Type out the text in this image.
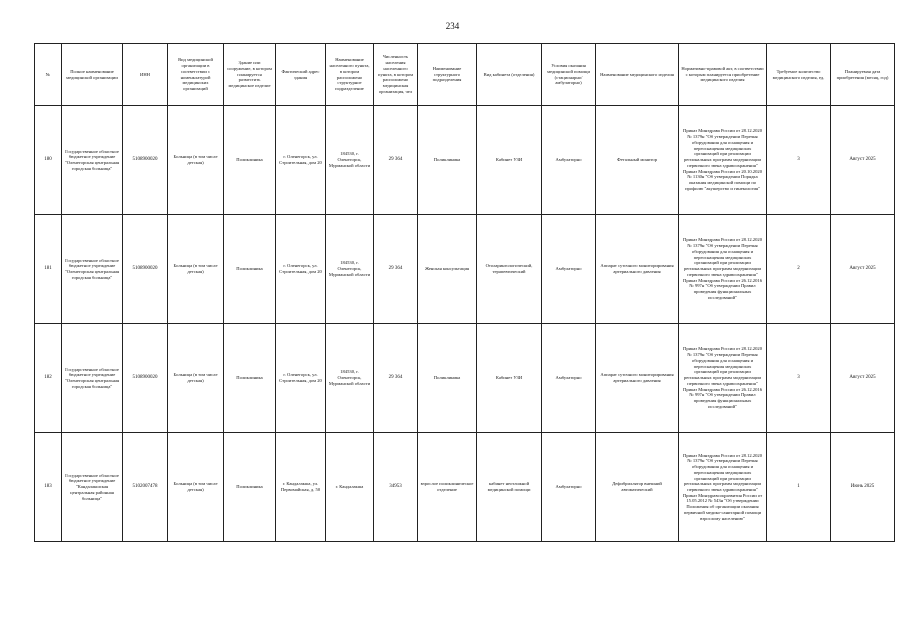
234
№	Полное наименование медицинской организации	ИНН	Вид медицинской организации в соответствии с номенклатурой медицинских организаций	Здание или сооружение, в котором планируется разместить медицинское изделие	Фактический адрес здания	Наименование населенного пункта, в котором расположено структурное подразделение	Численность населения населенного пункта, в котором расположено медицинская организация, чел	Наименование структурного подразделения	Вид кабинета (отделения)	Условия оказания медицинской помощи (стационарно/амбулаторно)	Наименование медицинского изделия	Нормативно-правовой акт, в соответствии с которым планируется приобретение медицинского изделия	Требуемое количество медицинского изделия, ед.	Планируемая дата приобретения (месяц, год)
180	Государственное областное бюджетное учреждение "Оленегорская центральная городская больница"	5108900020	Больница (в том числе детская)	Поликлиника	г. Оленегорск, ул. Строительная, дом 20	184530, г. Оленегорск, Мурманской области	29 364	Поликлиника	Кабинет УЗИ	Амбулаторно	Фетальный монитор	Приказ Минздрава России от 28.12.2020 № 1379н "Об утверждении Перечня оборудования для оснащения и переоснащения медицинских организаций при реализации региональных программ модернизации первичного звена здравоохранения" Приказ Минздрава России от 20.10.2020 № 1130н "Об утверждении Порядка оказания медицинской помощи по профилю "акушерство и гинекология"	3	Август 2025
181	Государственное областное бюджетное учреждение "Оленегорская центральная городская больница"	5108900020	Больница (в том числе детская)	Поликлиника	г. Оленегорск, ул. Строительная, дом 20	184530, г. Оленегорск, Мурманской области	29 364	Женская консультация	Отоларингологический, терапевтический	Амбулаторно	Аппарат суточного мониторирования артериального давления	Приказ Минздрава России от 28.12.2020 № 1379н "Об утверждении Перечня оборудования для оснащения и переоснащения медицинских организаций при реализации региональных программ модернизации первичного звена здравоохранения" Приказ Минздрава России от 26.12.2016 № 997н "Об утверждении Правил проведения функциональных исследований"	2	Август 2025
182	Государственное областное бюджетное учреждение "Оленегорская центральная городская больница"	5108900020	Больница (в том числе детская)	Поликлиника	г. Оленегорск, ул. Строительная, дом 20	184530, г. Оленегорск, Мурманской области	29 364	Поликлиника	Кабинет УЗИ	Амбулаторно	Аппарат суточного мониторирования артериального давления	Приказ Минздрава России от 28.12.2020 № 1379н "Об утверждении Перечня оборудования для оснащения и переоснащения медицинских организаций при реализации региональных программ модернизации первичного звена здравоохранения" Приказ Минздрава России от 26.12.2016 № 997н "Об утверждении Правил проведения функциональных исследований"	3	Август 2025
183	Государственное областное бюджетное учреждение "Кандалакшская центральная районная больница"	5102007478	Больница (в том числе детская)	Поликлиника	г. Кандалакша, ул. Первомайская, д. 50	г. Кандалакша	34953	взрослое поликлиническое отделение	кабинет неотложной медицинской помощи	Амбулаторно	Дефибриллятор внешний автоматический	Приказ Минздрава России от 28.12.2020 № 1379н "Об утверждении Перечня оборудования для оснащения и переоснащения медицинских организаций при реализации региональных программ модернизации первичного звена здравоохранения" Приказ Минздравсоцразвития России от 15.05.2012 № 543н "Об утверждении Положения об организации оказания первичной медико-санитарной помощи взрослому населению"	1	Июнь 2025
